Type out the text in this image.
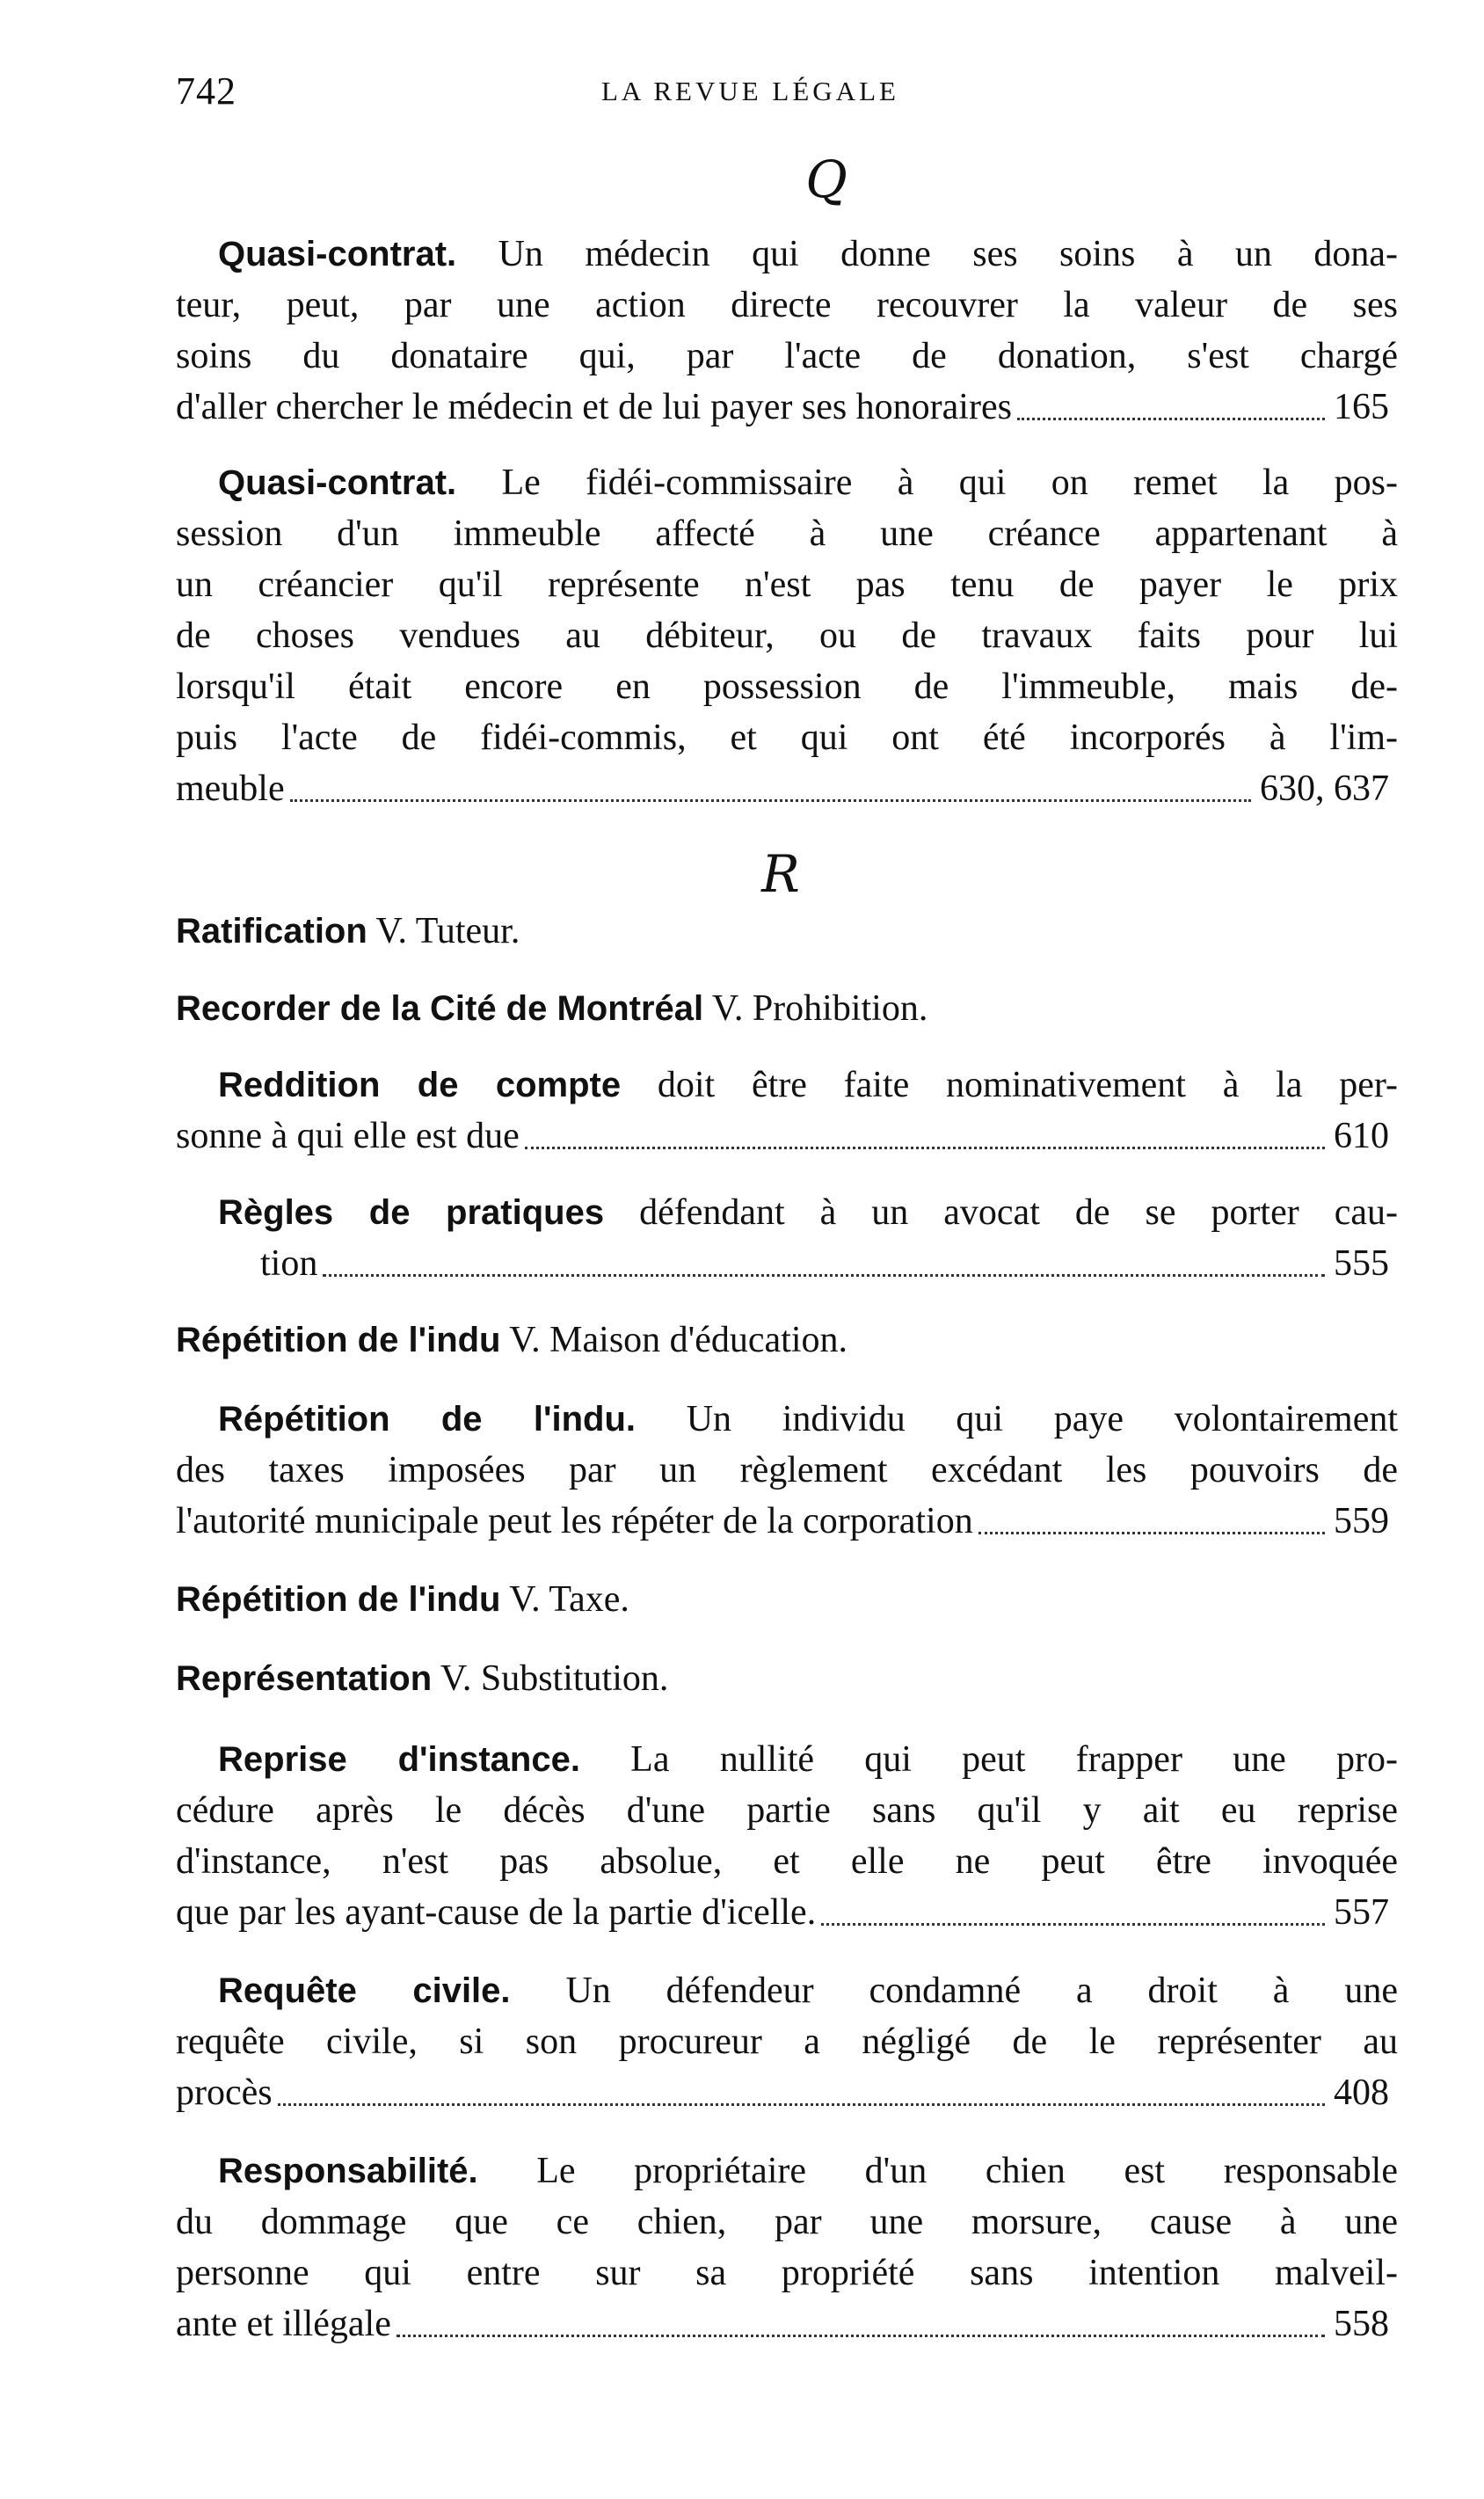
742	LA REVUE LÉGALE
Q
Quasi-contrat. Un médecin qui donne ses soins à un dona-
teur, peut, par une action directe recouvrer la valeur de ses
soins du donataire qui, par l'acte de donation, s'est chargé
d'aller chercher le médecin et de lui payer ses honoraires	165
Quasi-contrat. Le fidéi-commissaire à qui on remet la pos-
session d'un immeuble affecté à une créance appartenant à
un créancier qu'il représente n'est pas tenu de payer le prix
de choses vendues au débiteur, ou de travaux faits pour lui
lorsqu'il était encore en possession de l'immeuble, mais de-
puis l'acte de fidéi-commis, et qui ont été incorporés à l'im-
meuble	630, 637
R
Ratification V. Tuteur.
Recorder de la Cité de Montréal V. Prohibition.
Reddition de compte doit être faite nominativement à la per-
sonne à qui elle est due	610
Règles de pratiques défendant à un avocat de se porter cau-
tion	555
Répétition de l'indu V. Maison d'éducation.
Répétition de l'indu. Un individu qui paye volontairement
des taxes imposées par un règlement excédant les pouvoirs de
l'autorité municipale peut les répéter de la corporation	559
Répétition de l'indu V. Taxe.
Représentation V. Substitution.
Reprise d'instance. La nullité qui peut frapper une pro-
cédure après le décès d'une partie sans qu'il y ait eu reprise
d'instance, n'est pas absolue, et elle ne peut être invoquée
que par les ayant-cause de la partie d'icelle.	557
Requête civile. Un défendeur condamné a droit à une
requête civile, si son procureur a négligé de le représenter au
procès	408
Responsabilité. Le propriétaire d'un chien est responsable
du dommage que ce chien, par une morsure, cause à une
personne qui entre sur sa propriété sans intention malveil-
ante et illégale	558
